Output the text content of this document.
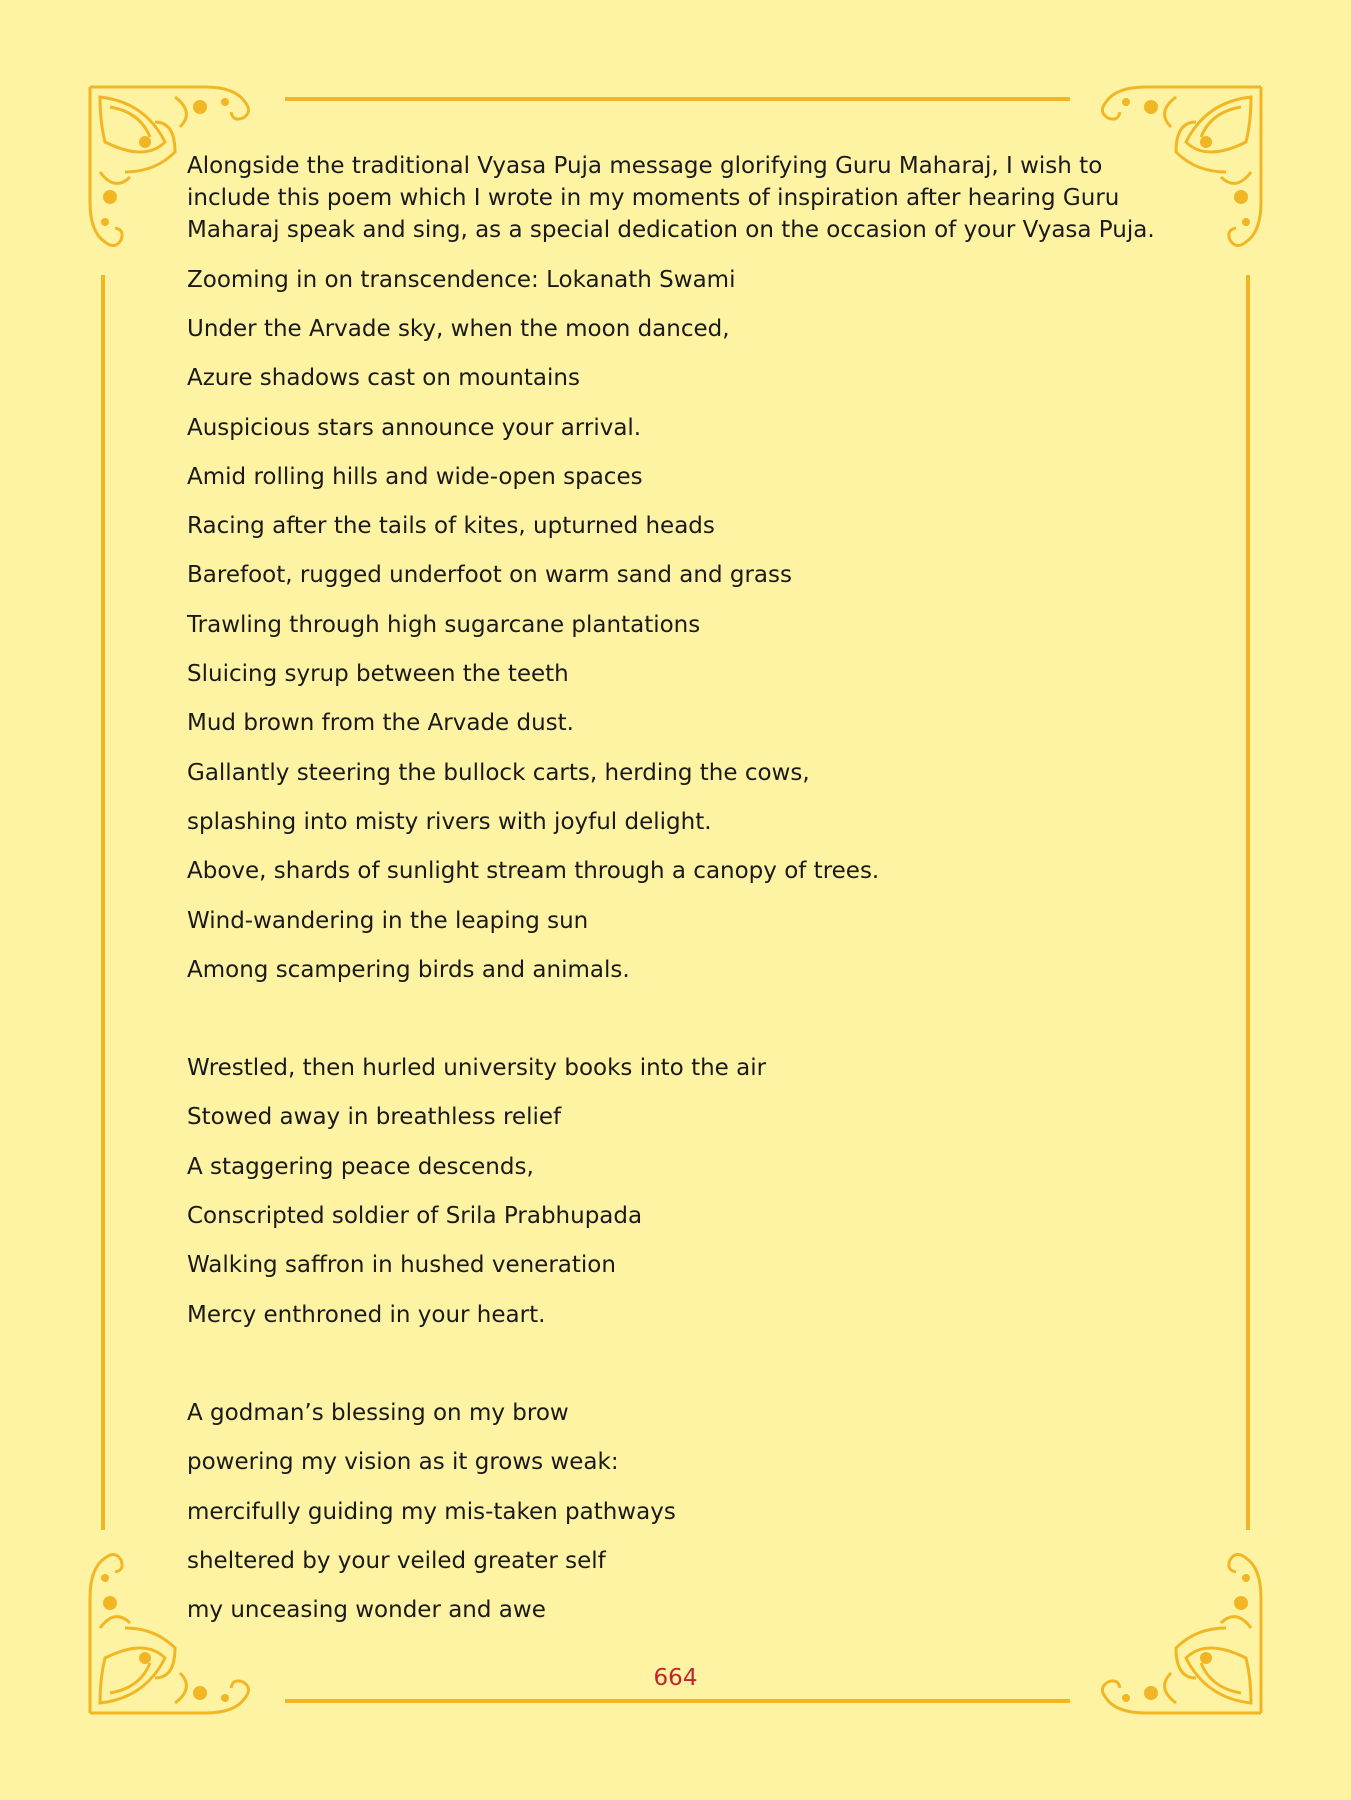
Alongside the traditional Vyasa Puja message glorifying Guru Maharaj, I wish to include this poem which I wrote in my moments of inspiration after hearing Guru Maharaj speak and sing, as a special dedication on the occasion of your Vyasa Puja.

Zooming in on transcendence: Lokanath Swami

Under the Arvade sky, when the moon danced,
Azure shadows cast on mountains
Auspicious stars announce your arrival.
Amid rolling hills and wide-open spaces
Racing after the tails of kites, upturned heads
Barefoot, rugged underfoot on warm sand and grass
Trawling through high sugarcane plantations
Sluicing syrup between the teeth
Mud brown from the Arvade dust.
Gallantly steering the bullock carts, herding the cows,
splashing into misty rivers with joyful delight.
Above, shards of sunlight stream through a canopy of trees.
Wind-wandering in the leaping sun
Among scampering birds and animals.
Wrestled, then hurled university books into the air
Stowed away in breathless relief
A staggering peace descends,
Conscripted soldier of Srila Prabhupada
Walking saffron in hushed veneration
Mercy enthroned in your heart.
A godman’s blessing on my brow
powering my vision as it grows weak:
mercifully guiding my mis-taken pathways
sheltered by your veiled greater self
my unceasing wonder and awe
664
